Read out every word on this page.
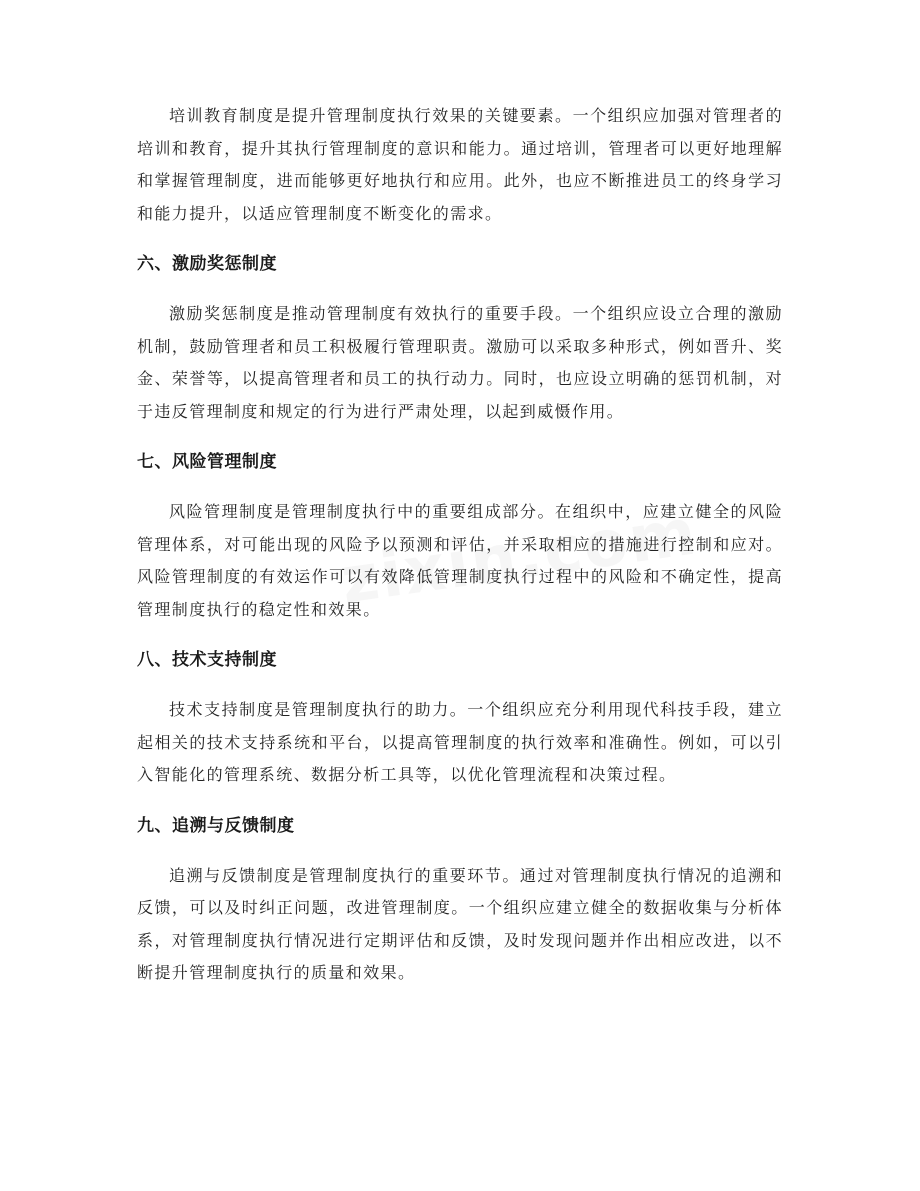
培训教育制度是提升管理制度执行效果的关键要素。一个组织应加强对管理者的培训和教育，提升其执行管理制度的意识和能力。通过培训，管理者可以更好地理解和掌握管理制度，进而能够更好地执行和应用。此外，也应不断推进员工的终身学习和能力提升，以适应管理制度不断变化的需求。

六、激励奖惩制度

激励奖惩制度是推动管理制度有效执行的重要手段。一个组织应设立合理的激励机制，鼓励管理者和员工积极履行管理职责。激励可以采取多种形式，例如晋升、奖金、荣誉等，以提高管理者和员工的执行动力。同时，也应设立明确的惩罚机制，对于违反管理制度和规定的行为进行严肃处理，以起到威慑作用。

七、风险管理制度

风险管理制度是管理制度执行中的重要组成部分。在组织中，应建立健全的风险管理体系，对可能出现的风险予以预测和评估，并采取相应的措施进行控制和应对。风险管理制度的有效运作可以有效降低管理制度执行过程中的风险和不确定性，提高管理制度执行的稳定性和效果。

八、技术支持制度

技术支持制度是管理制度执行的助力。一个组织应充分利用现代科技手段，建立起相关的技术支持系统和平台，以提高管理制度的执行效率和准确性。例如，可以引入智能化的管理系统、数据分析工具等，以优化管理流程和决策过程。

九、追溯与反馈制度

追溯与反馈制度是管理制度执行的重要环节。通过对管理制度执行情况的追溯和反馈，可以及时纠正问题，改进管理制度。一个组织应建立健全的数据收集与分析体系，对管理制度执行情况进行定期评估和反馈，及时发现问题并作出相应改进，以不断提升管理制度执行的质量和效果。
